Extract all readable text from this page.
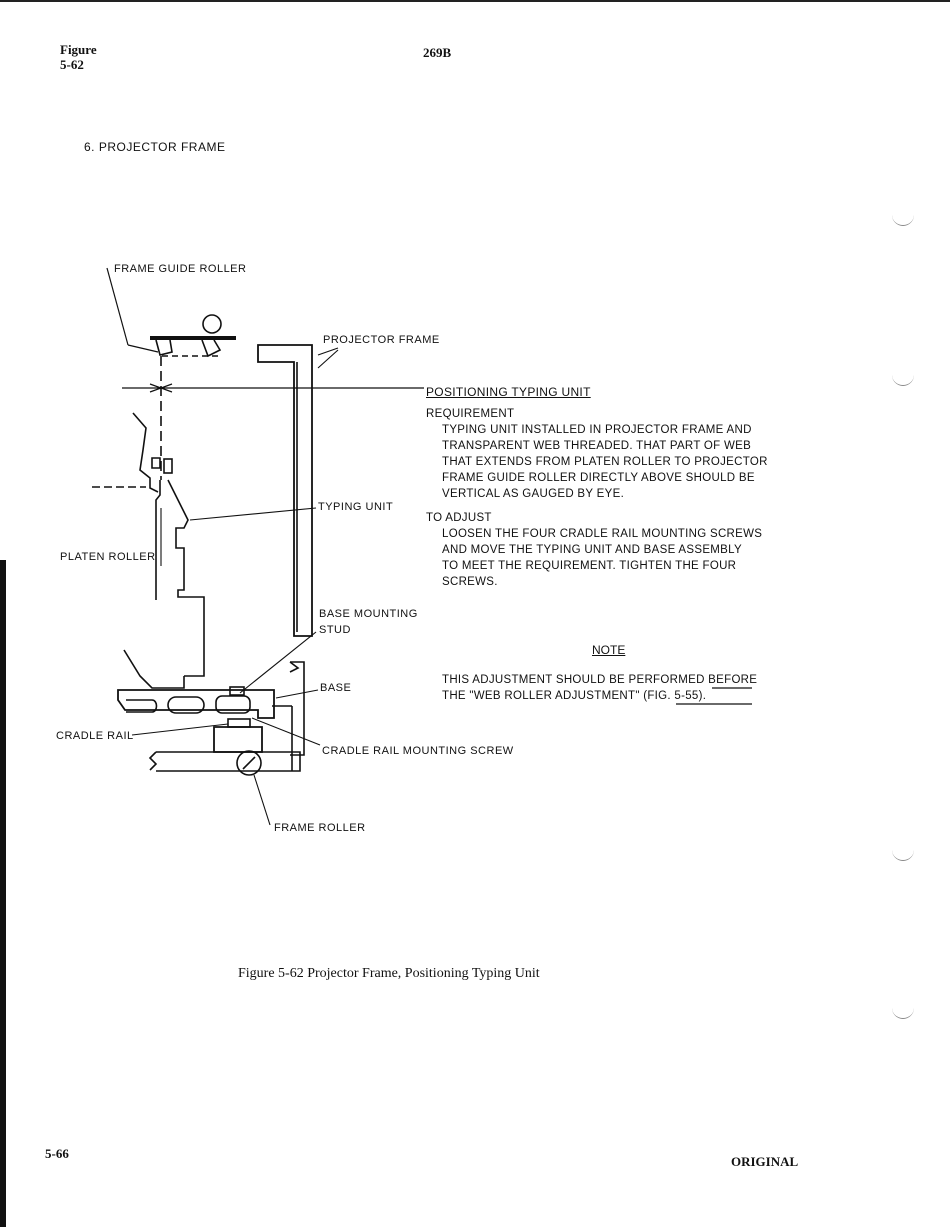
Figure
5-62
269B
6. PROJECTOR FRAME
FRAME GUIDE ROLLER
PROJECTOR FRAME
TYPING UNIT
PLATEN ROLLER
BASE MOUNTING
STUD
BASE
CRADLE RAIL
CRADLE RAIL MOUNTING SCREW
FRAME ROLLER
POSITIONING TYPING UNIT
REQUIREMENT
TYPING UNIT INSTALLED IN PROJECTOR FRAME AND
TRANSPARENT WEB THREADED. THAT PART OF WEB
THAT EXTENDS FROM PLATEN ROLLER TO PROJECTOR
FRAME GUIDE ROLLER DIRECTLY ABOVE SHOULD BE
VERTICAL AS GAUGED BY EYE.
TO ADJUST
LOOSEN THE FOUR CRADLE RAIL MOUNTING SCREWS
AND MOVE THE TYPING UNIT AND BASE ASSEMBLY
TO MEET THE REQUIREMENT. TIGHTEN THE FOUR
SCREWS.
NOTE
THIS ADJUSTMENT SHOULD BE PERFORMED BEFORE
THE "WEB ROLLER ADJUSTMENT" (FIG. 5-55).
Figure 5-62 Projector Frame, Positioning Typing Unit
5-66
ORIGINAL
